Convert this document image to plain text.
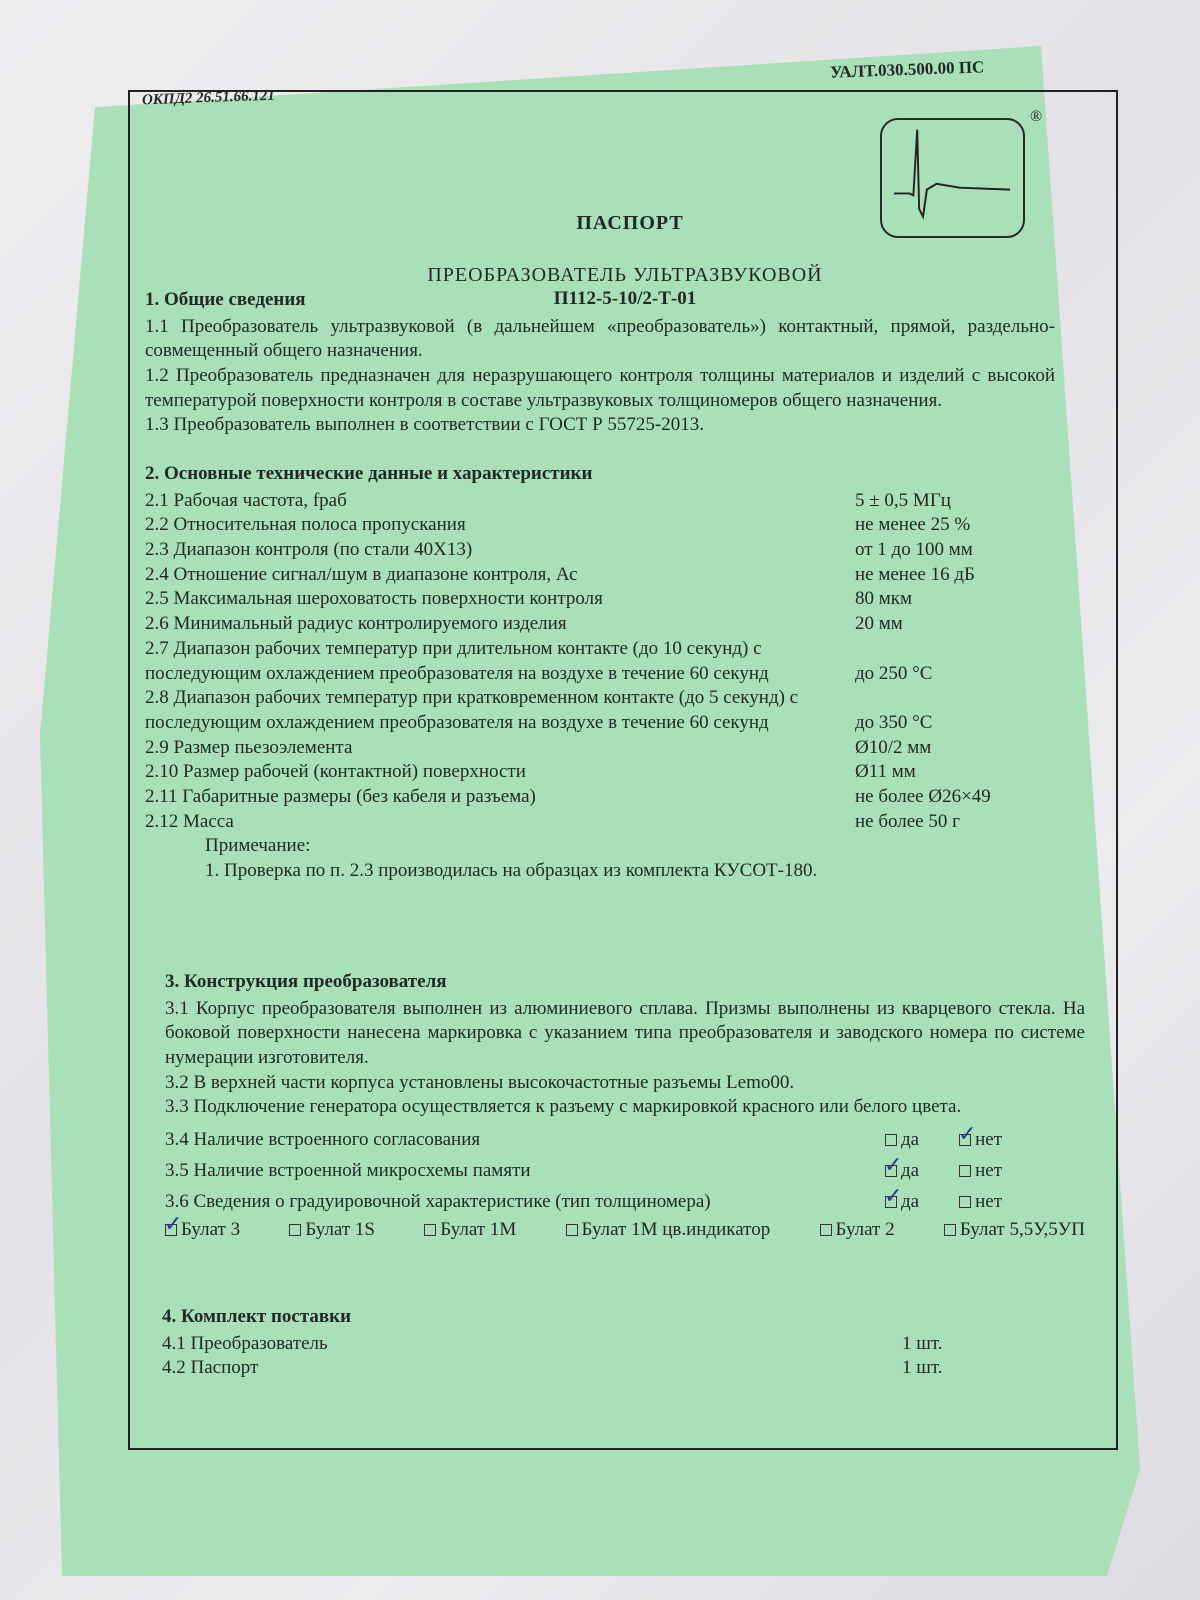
ОКПД2 26.51.66.121
УАЛТ.030.500.00 ПС
ПАСПОРТ
ПРЕОБРАЗОВАТЕЛЬ УЛЬТРАЗВУКОВОЙ
П112-5-10/2-Т-01
®
1. Общие сведения

1.1 Преобразователь ультразвуковой (в дальнейшем «преобразователь») контактный, прямой, раздельно-совмещенный общего назначения.

1.2 Преобразователь предназначен для неразрушающего контроля толщины материалов и изделий с высокой температурой поверхности контроля в составе ультразвуковых толщиномеров общего назначения.

1.3 Преобразователь выполнен в соответствии с ГОСТ Р 55725-2013.

2. Основные технические данные и характеристики
2.1 Рабочая частота, fраб	5 ± 0,5 МГц
2.2 Относительная полоса пропускания	не менее 25 %
2.3 Диапазон контроля (по стали 40Х13)	от 1 до 100 мм
2.4 Отношение сигнал/шум в диапазоне контроля, Ас	не менее 16 дБ
2.5 Максимальная шероховатость поверхности контроля	80 мкм
2.6 Минимальный радиус контролируемого изделия	20 мм
2.7 Диапазон рабочих температур при длительном контакте (до 10 секунд) с последующим охлаждением преобразователя на воздухе в течение 60 секунд	до 250 °С
2.8 Диапазон рабочих температур при кратковременном контакте (до 5 секунд) с последующим охлаждением преобразователя на воздухе в течение 60 секунд	до 350 °С
2.9 Размер пьезоэлемента	Ø10/2 мм
2.10 Размер рабочей (контактной) поверхности	Ø11 мм
2.11 Габаритные размеры (без кабеля и разъема)	не более Ø26×49
2.12 Масса	не более 50 г
Примечание:
1. Проверка по п. 2.3 производилась на образцах из комплекта КУСОТ-180.
3. Конструкция преобразователя

3.1 Корпус преобразователя выполнен из алюминиевого сплава. Призмы выполнены из кварцевого стекла. На боковой поверхности нанесена маркировка с указанием типа преобразователя и заводского номера по системе нумерации изготовителя.

3.2 В верхней части корпуса установлены высокочастотные разъемы Lemo00.

3.3 Подключение генератора осуществляется к разъему с маркировкой красного или белого цвета.

3.4 Наличие встроенного согласования	да ✓	нет
3.5 Наличие встроенной микросхемы памяти ✓	да	нет
3.6 Сведения о градуировочной характеристике (тип толщиномера) ✓	да	нет
✓Булат 3	Булат 1S	Булат 1М	Булат 1М цв.индикатор	Булат 2	Булат 5,5У,5УП
4. Комплект поставки
4.1 Преобразователь	1 шт.
4.2 Паспорт	1 шт.
